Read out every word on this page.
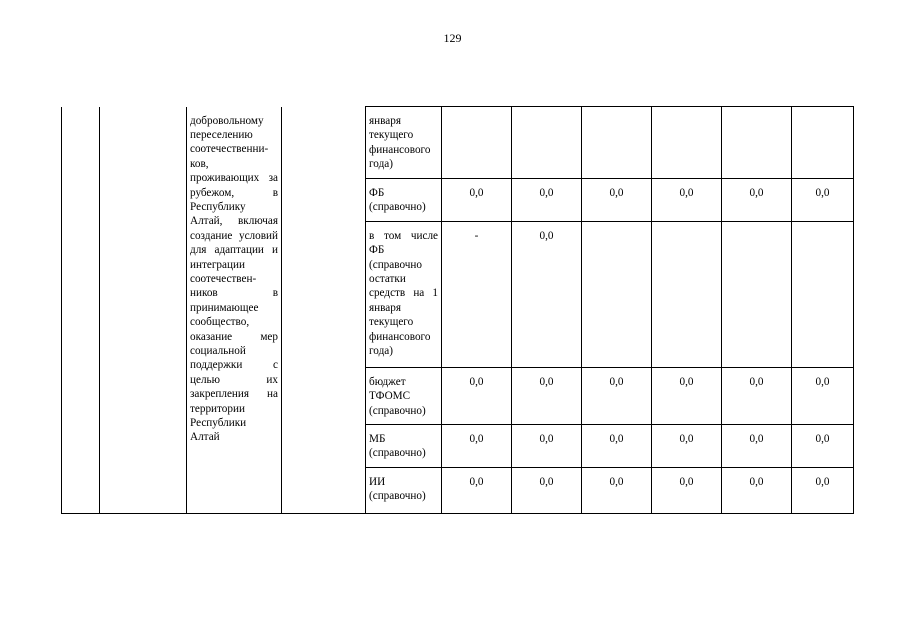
129

		добровольному переселению соотечественников, проживающих за рубежом, в Республику Алтай, включая создание условий для адаптации и интеграции соотечественников в принимающее сообщество, оказание мер социальной поддержки с целью их закрепления на территории Республики Алтай		января текущего финансового года)						

				ФБ (справочно)	0,0	0,0	0,0	0,0	0,0	0,0

				в том числе ФБ (справочно остатки средств на 1 января текущего финансового года)	-	0,0				

				бюджет ТФОМС (справочно)	0,0	0,0	0,0	0,0	0,0	0,0

				МБ (справочно)	0,0	0,0	0,0	0,0	0,0	0,0

				ИИ (справочно)	0,0	0,0	0,0	0,0	0,0	0,0
